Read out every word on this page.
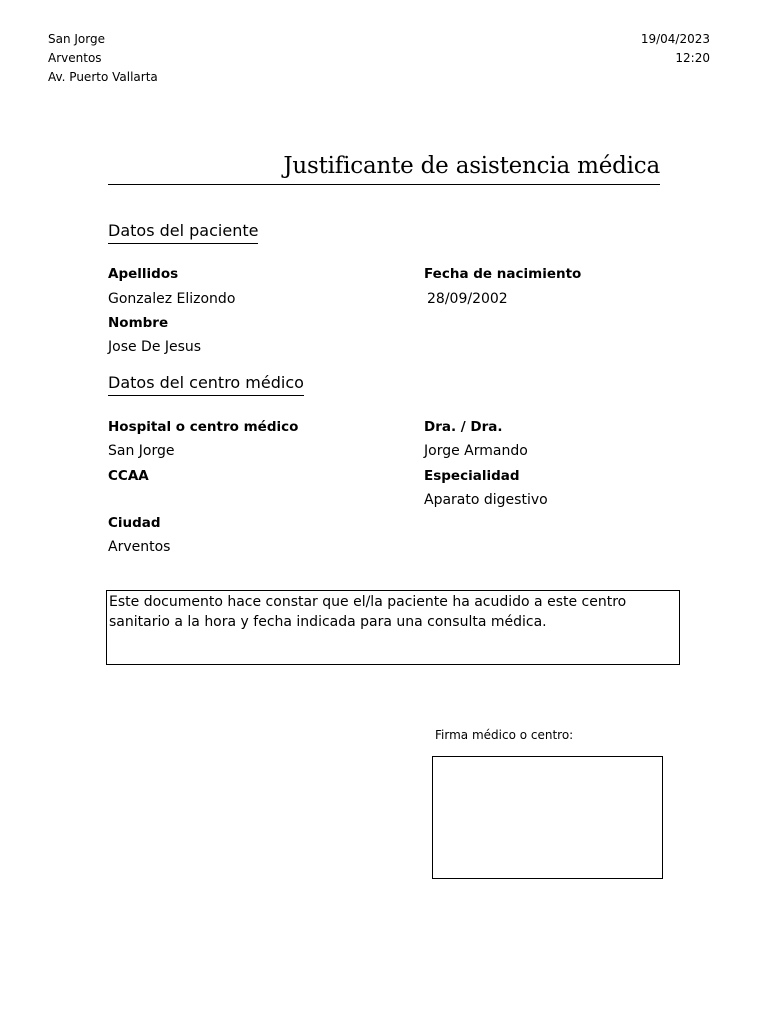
San Jorge
Arventos
Av. Puerto Vallarta
19/04/2023
12:20
Justificante de asistencia médica
Datos del paciente
Apellidos
Gonzalez Elizondo
Fecha de nacimiento
28/09/2002
Nombre
Jose De Jesus
Datos del centro médico
Hospital o centro médico
San Jorge
Dra. / Dra.
Jorge Armando
CCAA	Especialidad
Aparato digestivo
Ciudad
Arventos
Este documento hace constar que el/la paciente ha acudido a este centro sanitario a la hora y fecha indicada para una consulta médica.
Firma médico o centro:
